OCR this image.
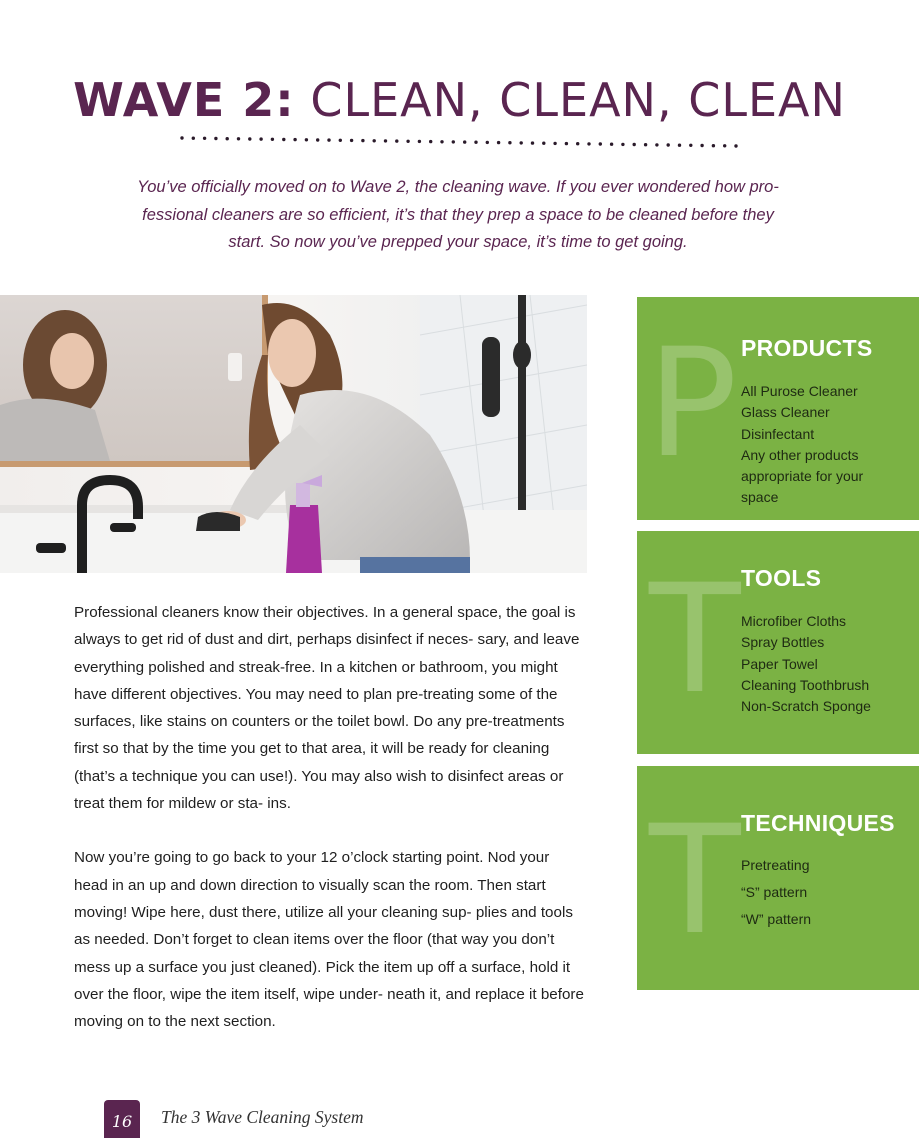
WAVE 2: CLEAN, CLEAN, CLEAN
You’ve officially moved on to Wave 2, the cleaning wave. If you ever wondered how pro-
fessional cleaners are so efficient, it’s that they prep a space to be cleaned before they
start. So now you’ve prepped your space, it’s time to get going.

Professional cleaners know their objectives. In a general space, the goal is always to get rid of dust and dirt, perhaps disinfect if neces- sary, and leave everything polished and streak-free. In a kitchen or bathroom, you might have different objectives. You may need to plan pre-treating some of the surfaces, like stains on counters or the toilet bowl. Do any pre-treatments first so that by the time you get to that area, it will be ready for cleaning (that’s a technique you can use!). You may also wish to disinfect areas or treat them for mildew or sta- ins.

Now you’re going to go back to your 12 o’clock starting point. Nod your head in an up and down direction to visually scan the room. Then start moving! Wipe here, dust there, utilize all your cleaning sup- plies and tools as needed. Don’t forget to clean items over the floor (that way you don’t mess up a surface you just cleaned). Pick the item up off a surface, hold it over the floor, wipe the item itself, wipe under- neath it, and replace it before moving on to the next section.

P PRODUCTS
All Purose Cleaner
Glass Cleaner
Disinfectant
Any other products
appropriate for your
space
T TOOLS
Microfiber Cloths
Spray Bottles
Paper Towel
Cleaning Toothbrush
Non-Scratch Sponge
T TECHNIQUES
Pretreating
“S” pattern
“W” pattern
16	The 3 Wave Cleaning System
